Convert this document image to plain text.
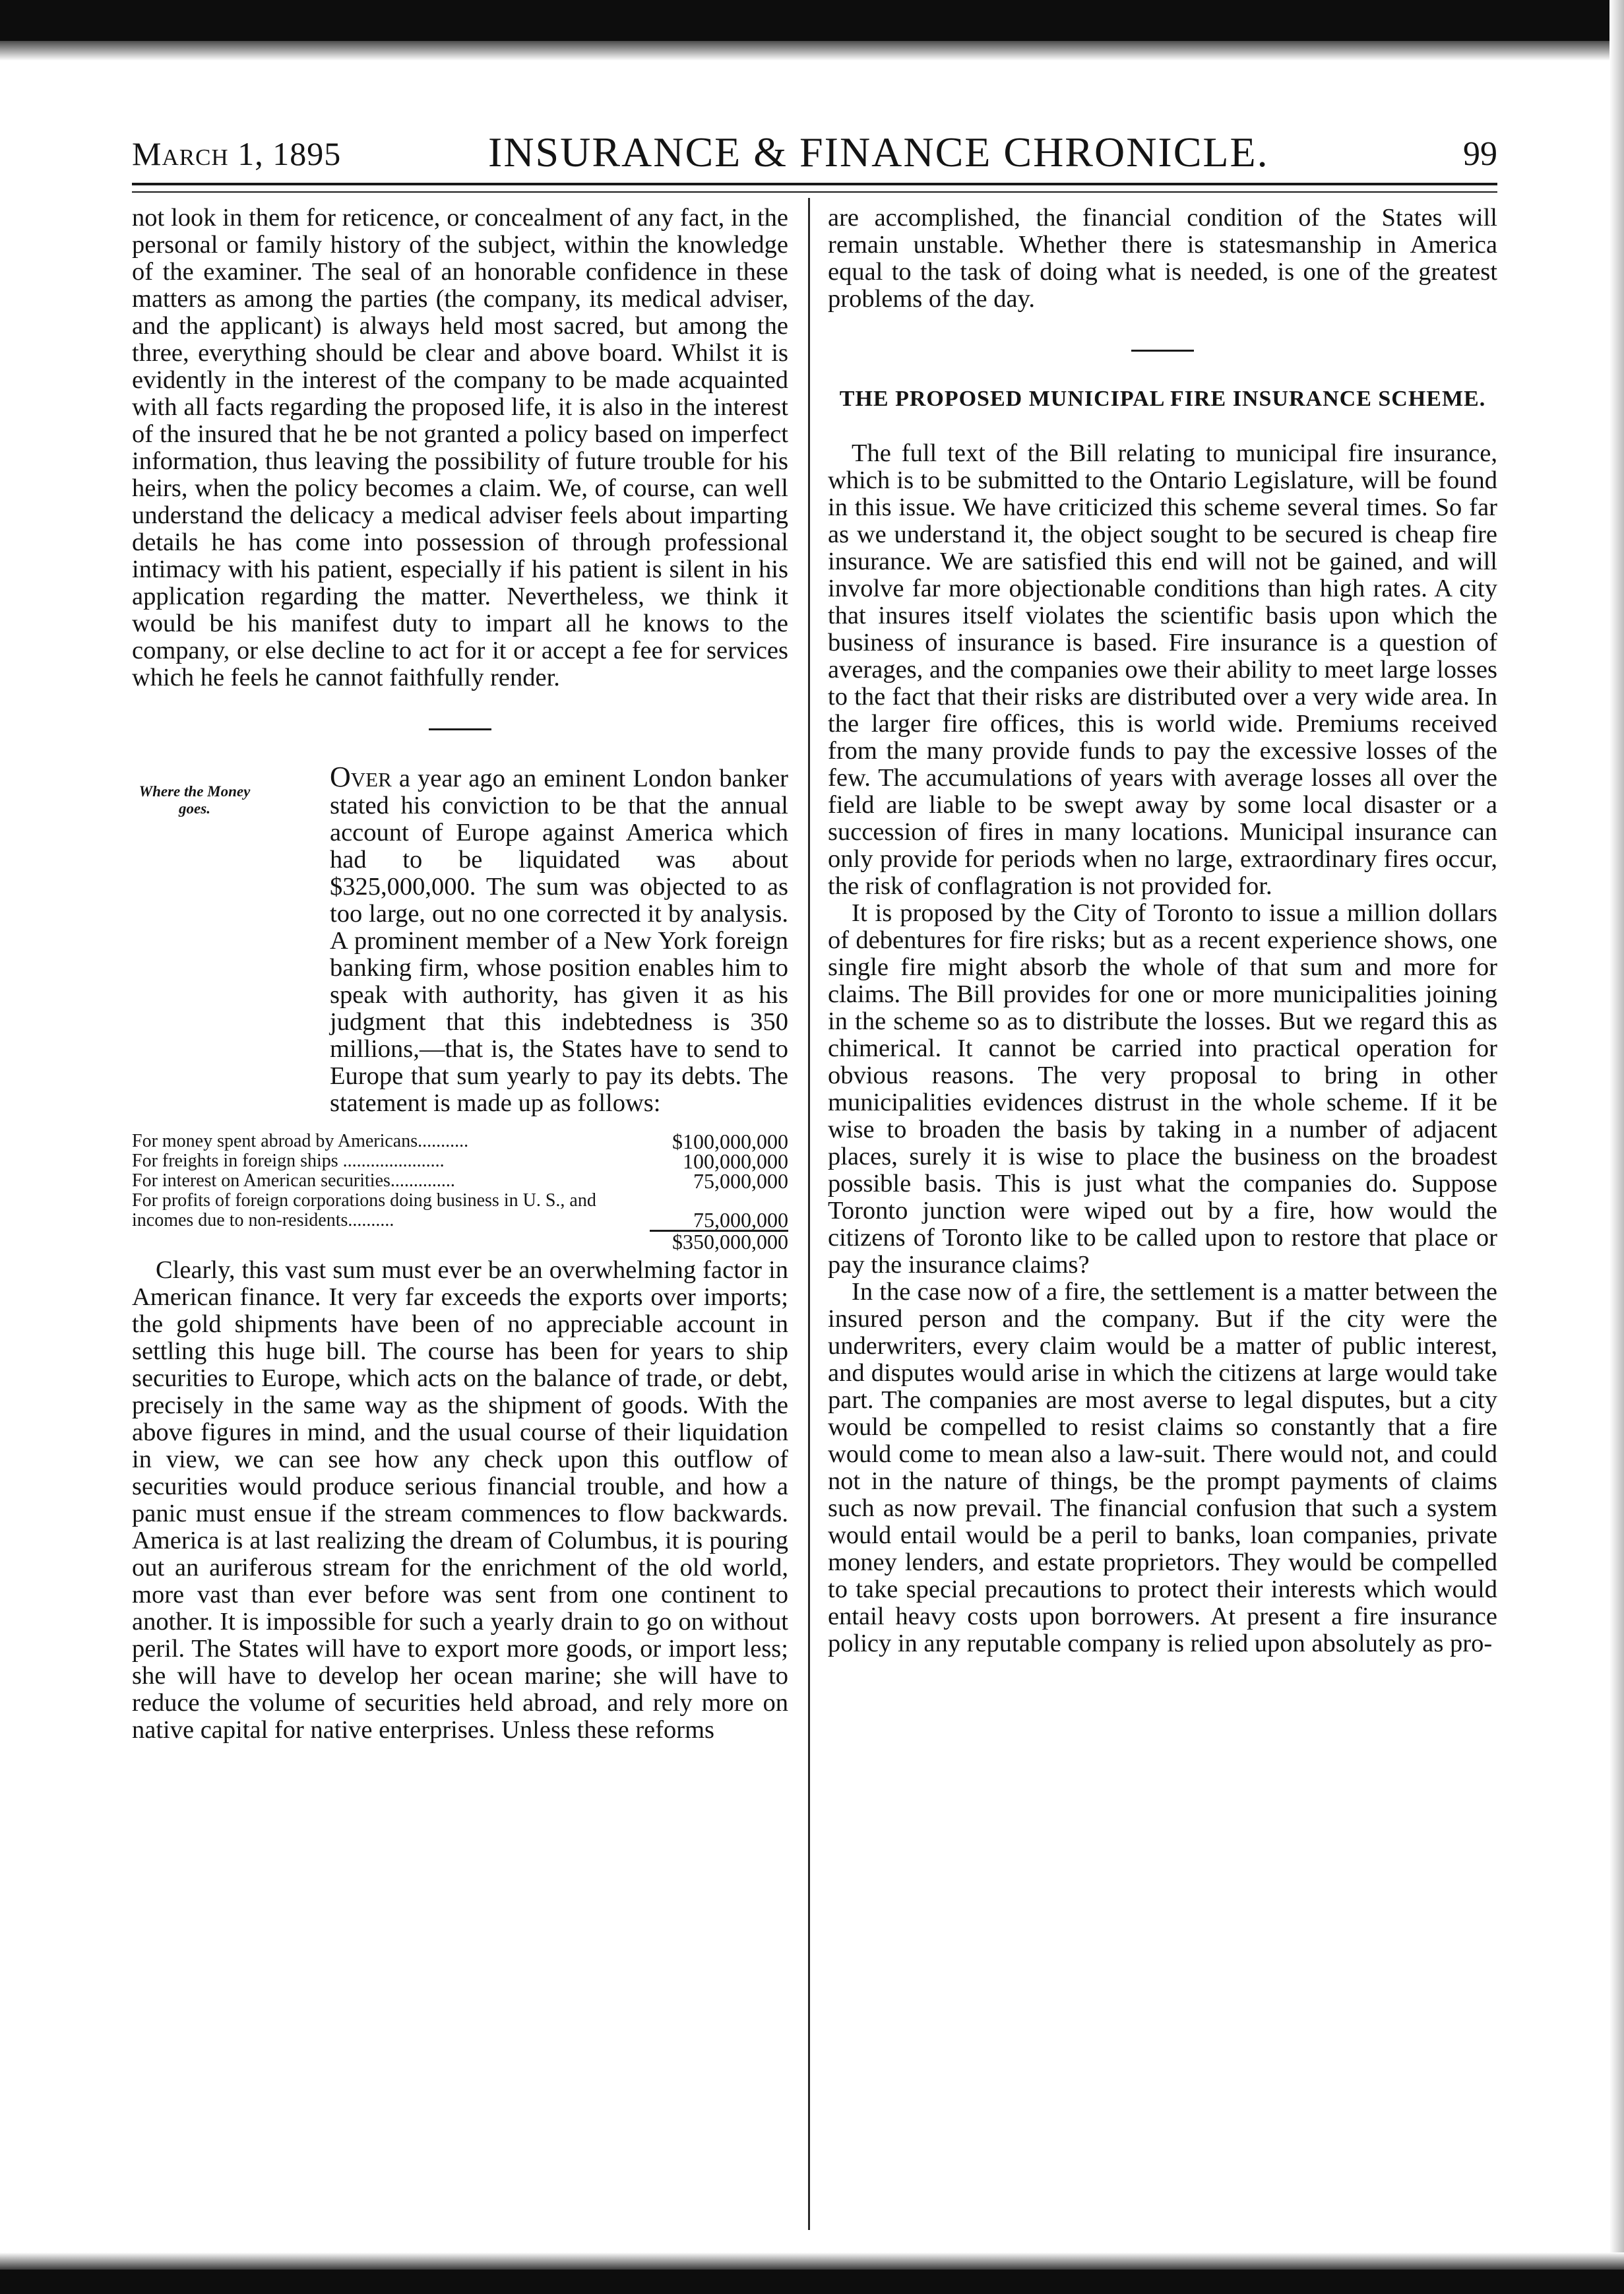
March 1, 1895	INSURANCE & FINANCE CHRONICLE.	99

not look in them for reticence, or concealment of any fact, in the personal or family history of the subject, within the knowledge of the examiner. The seal of an honorable confidence in these matters as among the parties (the company, its medical adviser, and the applicant) is always held most sacred, but among the three, everything should be clear and above board. Whilst it is evidently in the interest of the company to be made acquainted with all facts regarding the proposed life, it is also in the interest of the insured that he be not granted a policy based on imperfect information, thus leaving the possibility of future trouble for his heirs, when the policy becomes a claim. We, of course, can well understand the delicacy a medical adviser feels about imparting details he has come into possession of through professional intimacy with his patient, especially if his patient is silent in his application regarding the matter. Nevertheless, we think it would be his manifest duty to impart all he knows to the company, or else decline to act for it or accept a fee for services which he feels he cannot faithfully render.

Where the Money goes.

Over a year ago an eminent London banker stated his conviction to be that the annual account of Europe against America which had to be liquidated was about $325,000,000. The sum was objected to as too large, out no one corrected it by analysis. A prominent member of a New York foreign banking firm, whose position enables him to speak with authority, has given it as his judgment that this indebtedness is 350 millions,—that is, the States have to send to Europe that sum yearly to pay its debts. The statement is made up as follows:

For money spent abroad by Americans...........	$100,000,000
For freights in foreign ships ......................	100,000,000
For interest on American securities..............	75,000,000
For profits of foreign corporations doing business in U. S., and incomes due to non-residents..........	75,000,000
	$350,000,000

Clearly, this vast sum must ever be an overwhelming factor in American finance. It very far exceeds the exports over imports; the gold shipments have been of no appreciable account in settling this huge bill. The course has been for years to ship securities to Europe, which acts on the balance of trade, or debt, precisely in the same way as the shipment of goods. With the above figures in mind, and the usual course of their liquidation in view, we can see how any check upon this outflow of securities would produce serious financial trouble, and how a panic must ensue if the stream commences to flow backwards. America is at last realizing the dream of Columbus, it is pouring out an auriferous stream for the enrichment of the old world, more vast than ever before was sent from one continent to another. It is impossible for such a yearly drain to go on without peril. The States will have to export more goods, or import less; she will have to develop her ocean marine; she will have to reduce the volume of securities held abroad, and rely more on native capital for native enterprises. Unless these reforms

are accomplished, the financial condition of the States will remain unstable. Whether there is statesmanship in America equal to the task of doing what is needed, is one of the greatest problems of the day.

THE PROPOSED MUNICIPAL FIRE INSURANCE SCHEME.

The full text of the Bill relating to municipal fire insurance, which is to be submitted to the Ontario Legislature, will be found in this issue. We have criticized this scheme several times. So far as we understand it, the object sought to be secured is cheap fire insurance. We are satisfied this end will not be gained, and will involve far more objectionable conditions than high rates. A city that insures itself violates the scientific basis upon which the business of insurance is based. Fire insurance is a question of averages, and the companies owe their ability to meet large losses to the fact that their risks are distributed over a very wide area. In the larger fire offices, this is world wide. Premiums received from the many provide funds to pay the excessive losses of the few. The accumulations of years with average losses all over the field are liable to be swept away by some local disaster or a succession of fires in many locations. Municipal insurance can only provide for periods when no large, extraordinary fires occur, the risk of conflagration is not provided for.

It is proposed by the City of Toronto to issue a million dollars of debentures for fire risks; but as a recent experience shows, one single fire might absorb the whole of that sum and more for claims. The Bill provides for one or more municipalities joining in the scheme so as to distribute the losses. But we regard this as chimerical. It cannot be carried into practical operation for obvious reasons. The very proposal to bring in other municipalities evidences distrust in the whole scheme. If it be wise to broaden the basis by taking in a number of adjacent places, surely it is wise to place the business on the broadest possible basis. This is just what the companies do. Suppose Toronto junction were wiped out by a fire, how would the citizens of Toronto like to be called upon to restore that place or pay the insurance claims?

In the case now of a fire, the settlement is a matter between the insured person and the company. But if the city were the underwriters, every claim would be a matter of public interest, and disputes would arise in which the citizens at large would take part. The companies are most averse to legal disputes, but a city would be compelled to resist claims so constantly that a fire would come to mean also a law-suit. There would not, and could not in the nature of things, be the prompt payments of claims such as now prevail. The financial confusion that such a system would entail would be a peril to banks, loan companies, private money lenders, and estate proprietors. They would be compelled to take special precautions to protect their interests which would entail heavy costs upon borrowers. At present a fire insurance policy in any reputable company is relied upon absolutely as pro-
